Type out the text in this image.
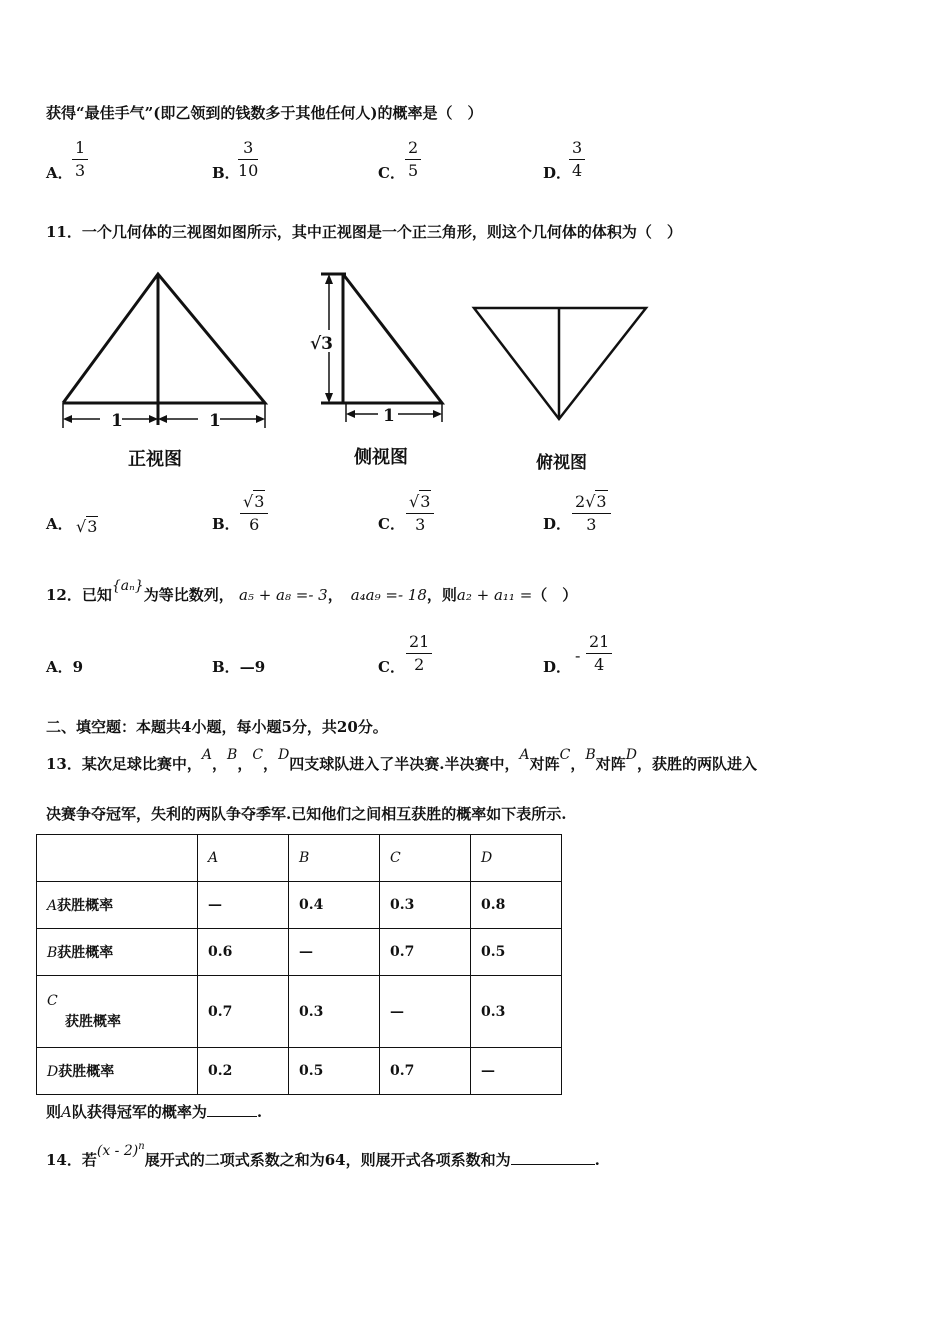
获得“最佳手气”(即乙领到的钱数多于其他任何人)的概率是（　）
A． $\frac{1}{3}$	B．
$\frac{3}{10}$	C． $\frac{2}{5}$	D．
$\frac{3}{4}$
11．一个几何体的三视图如图所示，其中正视图是一个正三角形，则这个几何体的体积为（　）
1	1
√3
1
正视图	侧视图	俯视图
A． √3	B． $\frac{√3}{6}$	C． $\frac{√3}{3}$	D． $\frac{2√3}{3}$
12．已知{aₙ}为等比数列， a₅ + a₈ =- 3， a₄a₉ =- 18，则a₂ + a₁₁ =（　）
A．9	B．—9	C． $\frac{21}{2}$	D．
- $\frac{21}{4}$
二、填空题：本题共4小题，每小题5分，共20分。
13．某次足球比赛中，A，B，C，D四支球队进入了半决赛.半决赛中，A对阵C，B对阵D，获胜的两队进入
决赛争夺冠军，失利的两队争夺季军.已知他们之间相互获胜的概率如下表所示.
	A	B	C	D
A获胜概率	—	0.4	0.3	0.8
B获胜概率	0.6	—	0.7	0.5

C
获胜概率	0.7	0.3	—	0.3
D获胜概率	0.2	0.5	0.7	—
则A队获得冠军的概率为	.
14．若(x - 2)$^n$展开式的二项式系数之和为64，则展开式各项系数和为	.
